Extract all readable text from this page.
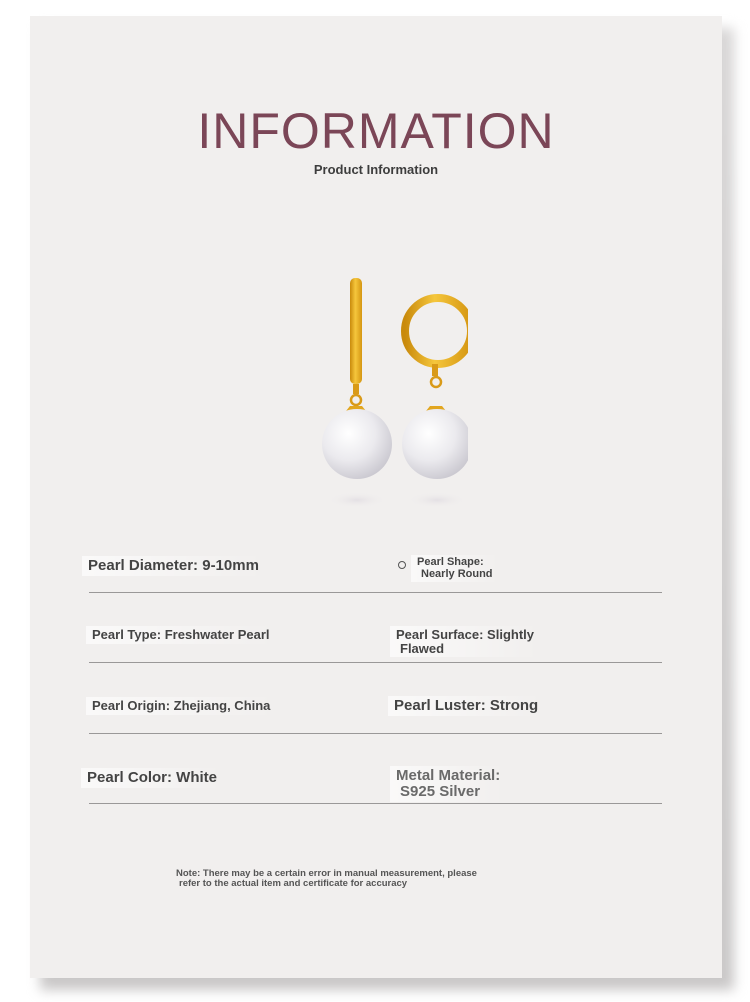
INFORMATION
Product Information
Pearl Diameter: 9-10mm	Pearl Shape:
Nearly Round
Pearl Type: Freshwater Pearl	Pearl Surface: Slightly
Flawed
Pearl Origin: Zhejiang, China	Pearl Luster: Strong
Pearl Color: White	Metal Material:
S925 Silver
Note: There may be a certain error in manual measurement, please
refer to the actual item and certificate for accuracy
